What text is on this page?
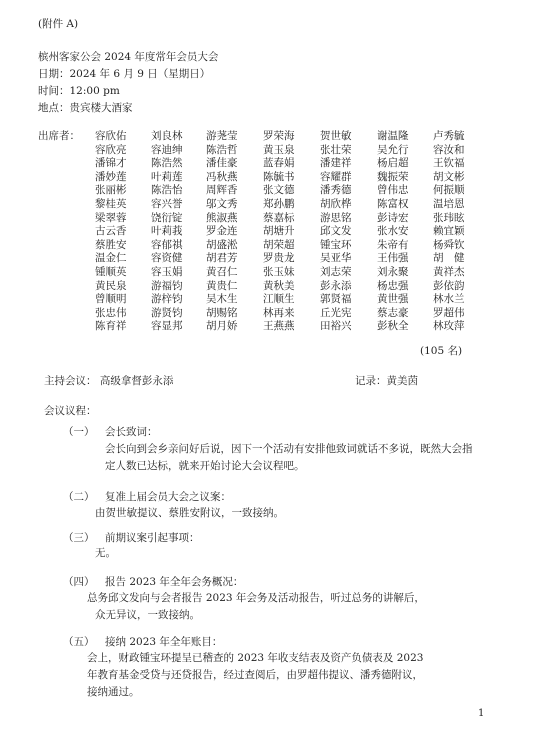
(附件 A)
槟州客家公会 2024 年度常年会员大会
日期：2024 年 6 月 9 日（星期日）
时间：12:00 pm
地点：贵宾楼大酒家
出席者： 容欣佑 刘良林 游荛莹 罗荣海 贺世敏 谢温隆 卢秀毓
容欣亮 容迪绅 陈浩哲 黄玉泉 张壮荣 吴允行 容汝和
潘锦才 陈浩然 潘佳豪 蓝春娟 潘建祥 杨启超 王钦福
潘妙莲 叶莉莲 冯秋燕 陈毓书 容耀群 魏振荣 胡文彬
张丽彬 陈浩怡 周辉香 张文德 潘秀德 曾伟忠 何振顺
黎桂英 容兴誉 邬文秀 郑孙鹏 胡欣桦 陈富权 温培恩
梁翠蓉 饶衍锭 熊淑燕 蔡嘉标 游思铭 彭诗宏 张玮眩
古云香 叶莉莪 罗金连 胡塘升 邱文发 张水安 赖宜颖
蔡胜安 容郁祺 胡盛淞 胡荣超 锺宝环 朱帝有 杨舜钦
温金仁 容资健 胡君芳 罗贵龙 吴亚华 王伟强 胡　健
锺顺英 容玉娟 黄召仁 张玉妹 刘志荣 刘永聚 黄祥杰
黄民泉 游福钧 黄贵仁 黄秋美 彭永添 杨忠强 彭依韵
曾顺明 游梓钧 吴木生 江顺生 郭贤福 黄世强 林水兰
张忠伟 游贤钧 胡赐铭 林再来 丘光宪 蔡志豪 罗超伟
陈育祥 容显邦 胡月娇 王燕燕 田裕兴 彭秋全 林玫萍
(105 名)
主持会议： 高级拿督彭永添	记录：黄美茵
会议议程：
（一） 会长致词：
会长向到会乡亲问好后说，因下一个活动有安排他致词就话不多说，既然大会指
定人数已达标，就来开始讨论大会议程吧。
（二） 复准上届会员大会之议案：
由贺世敏提议、蔡胜安附议，一致接纳。
（三） 前期议案引起事项：
无。
（四） 报告 2023 年全年会务概况：
总务邱文发向与会者报告 2023 年会务及活动报告，听过总务的讲解后，
众无异议，一致接纳。
（五） 接纳 2023 年全年账目：
会上，财政锺宝环提呈已稽查的 2023 年收支结表及资产负债表及 2023
年教育基金受贷与还贷报告，经过查阅后，由罗超伟提议、潘秀德附议，
接纳通过。
1
